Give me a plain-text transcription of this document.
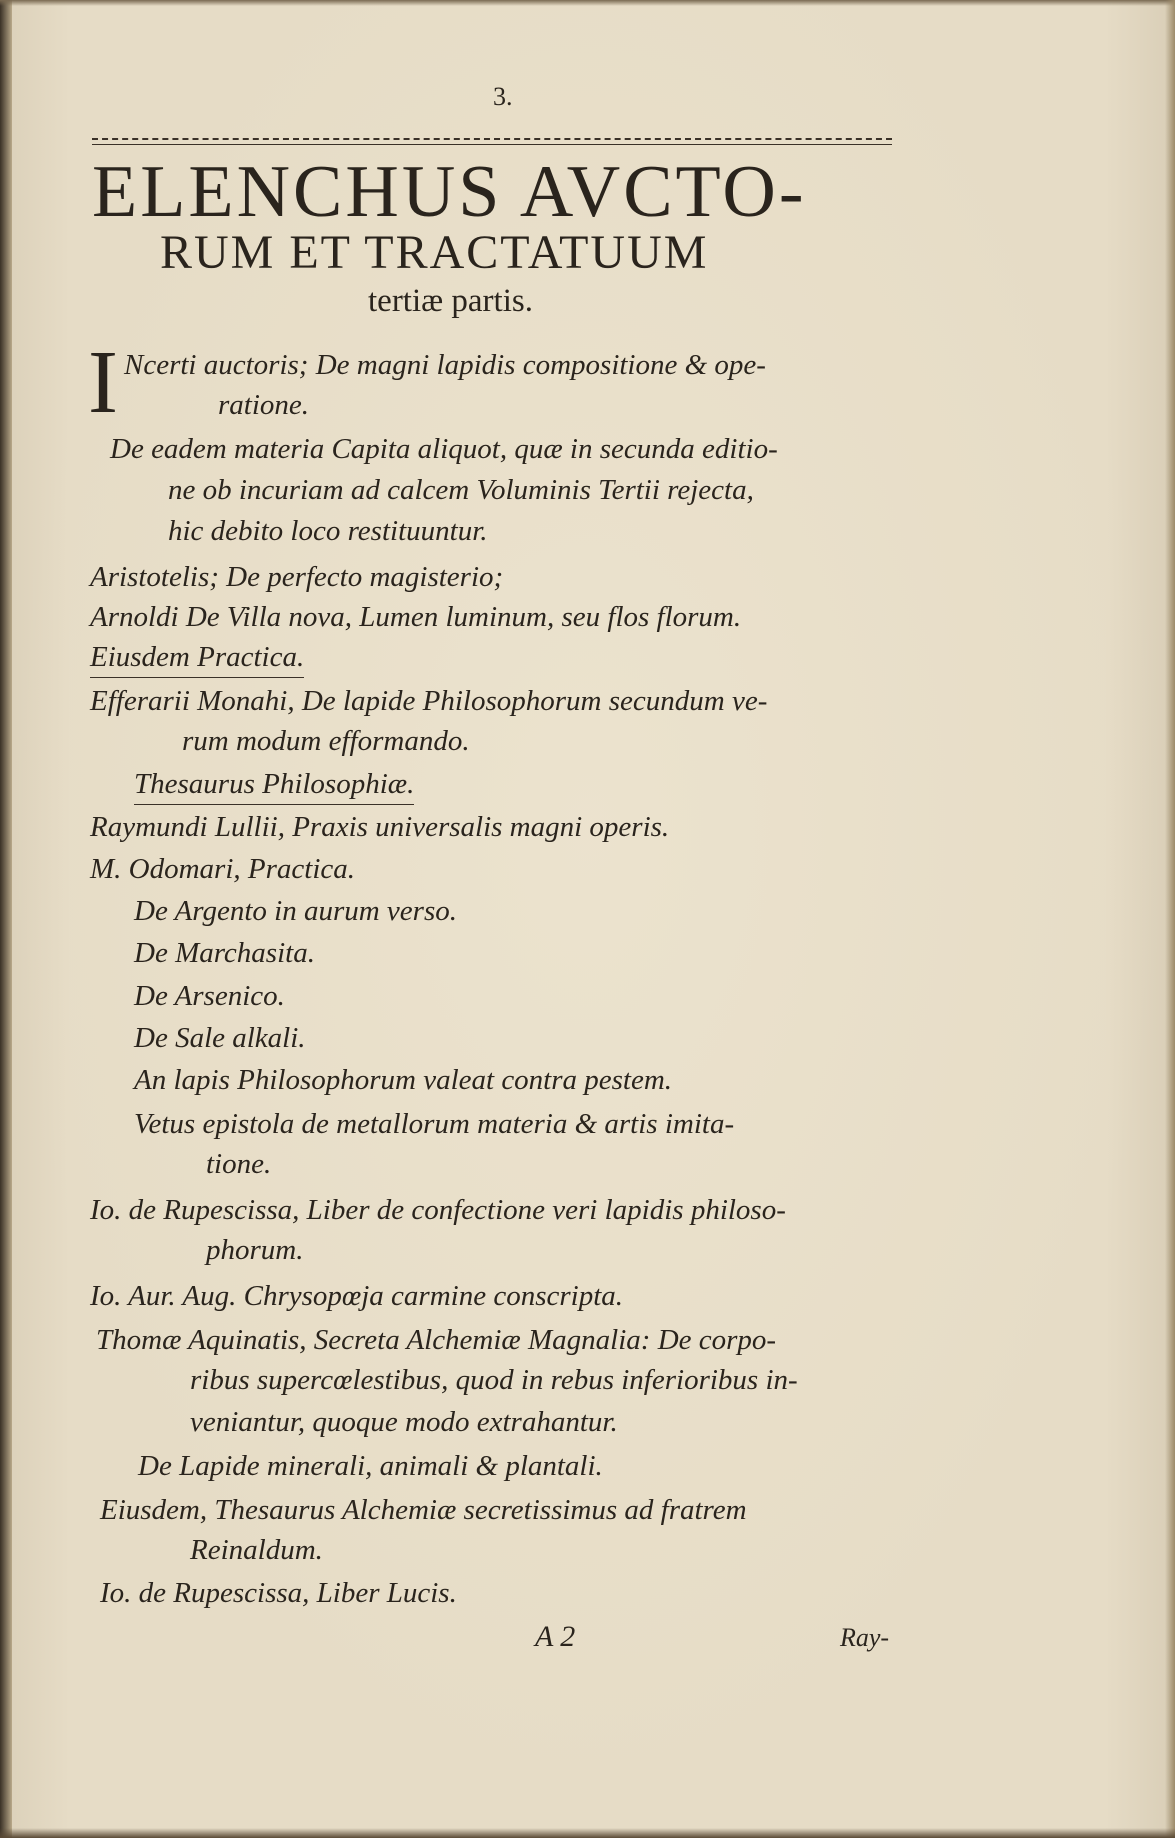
3.
ELENCHUS AVCTO-
RUM ET TRACTATUUM
tertiæ partis.
I Ncerti auctoris; De magni lapidis compositione & ope-
ratione.
De eadem materia Capita aliquot, quæ in secunda editio-
ne ob incuriam ad calcem Voluminis Tertii rejecta,
hic debito loco restituuntur.
Aristotelis; De perfecto magisterio;
Arnoldi De Villa nova, Lumen luminum, seu flos florum.
Eiusdem Practica.
Efferarii Monahi, De lapide Philosophorum secundum ve-
rum modum efformando.
Thesaurus Philosophiæ.
Raymundi Lullii, Praxis universalis magni operis.
M. Odomari, Practica.
De Argento in aurum verso.
De Marchasita.
De Arsenico.
De Sale alkali.
An lapis Philosophorum valeat contra pestem.
Vetus epistola de metallorum materia & artis imita-
tione.
Io. de Rupescissa, Liber de confectione veri lapidis philoso-
phorum.
Io. Aur. Aug. Chrysopœja carmine conscripta.
Thomæ Aquinatis, Secreta Alchemiæ Magnalia: De corpo-
ribus supercœlestibus, quod in rebus inferioribus in-
veniantur, quoque modo extrahantur.
De Lapide minerali, animali & plantali.
Eiusdem, Thesaurus Alchemiæ secretissimus ad fratrem
Reinaldum.
Io. de Rupescissa, Liber Lucis.
A 2	Ray-
